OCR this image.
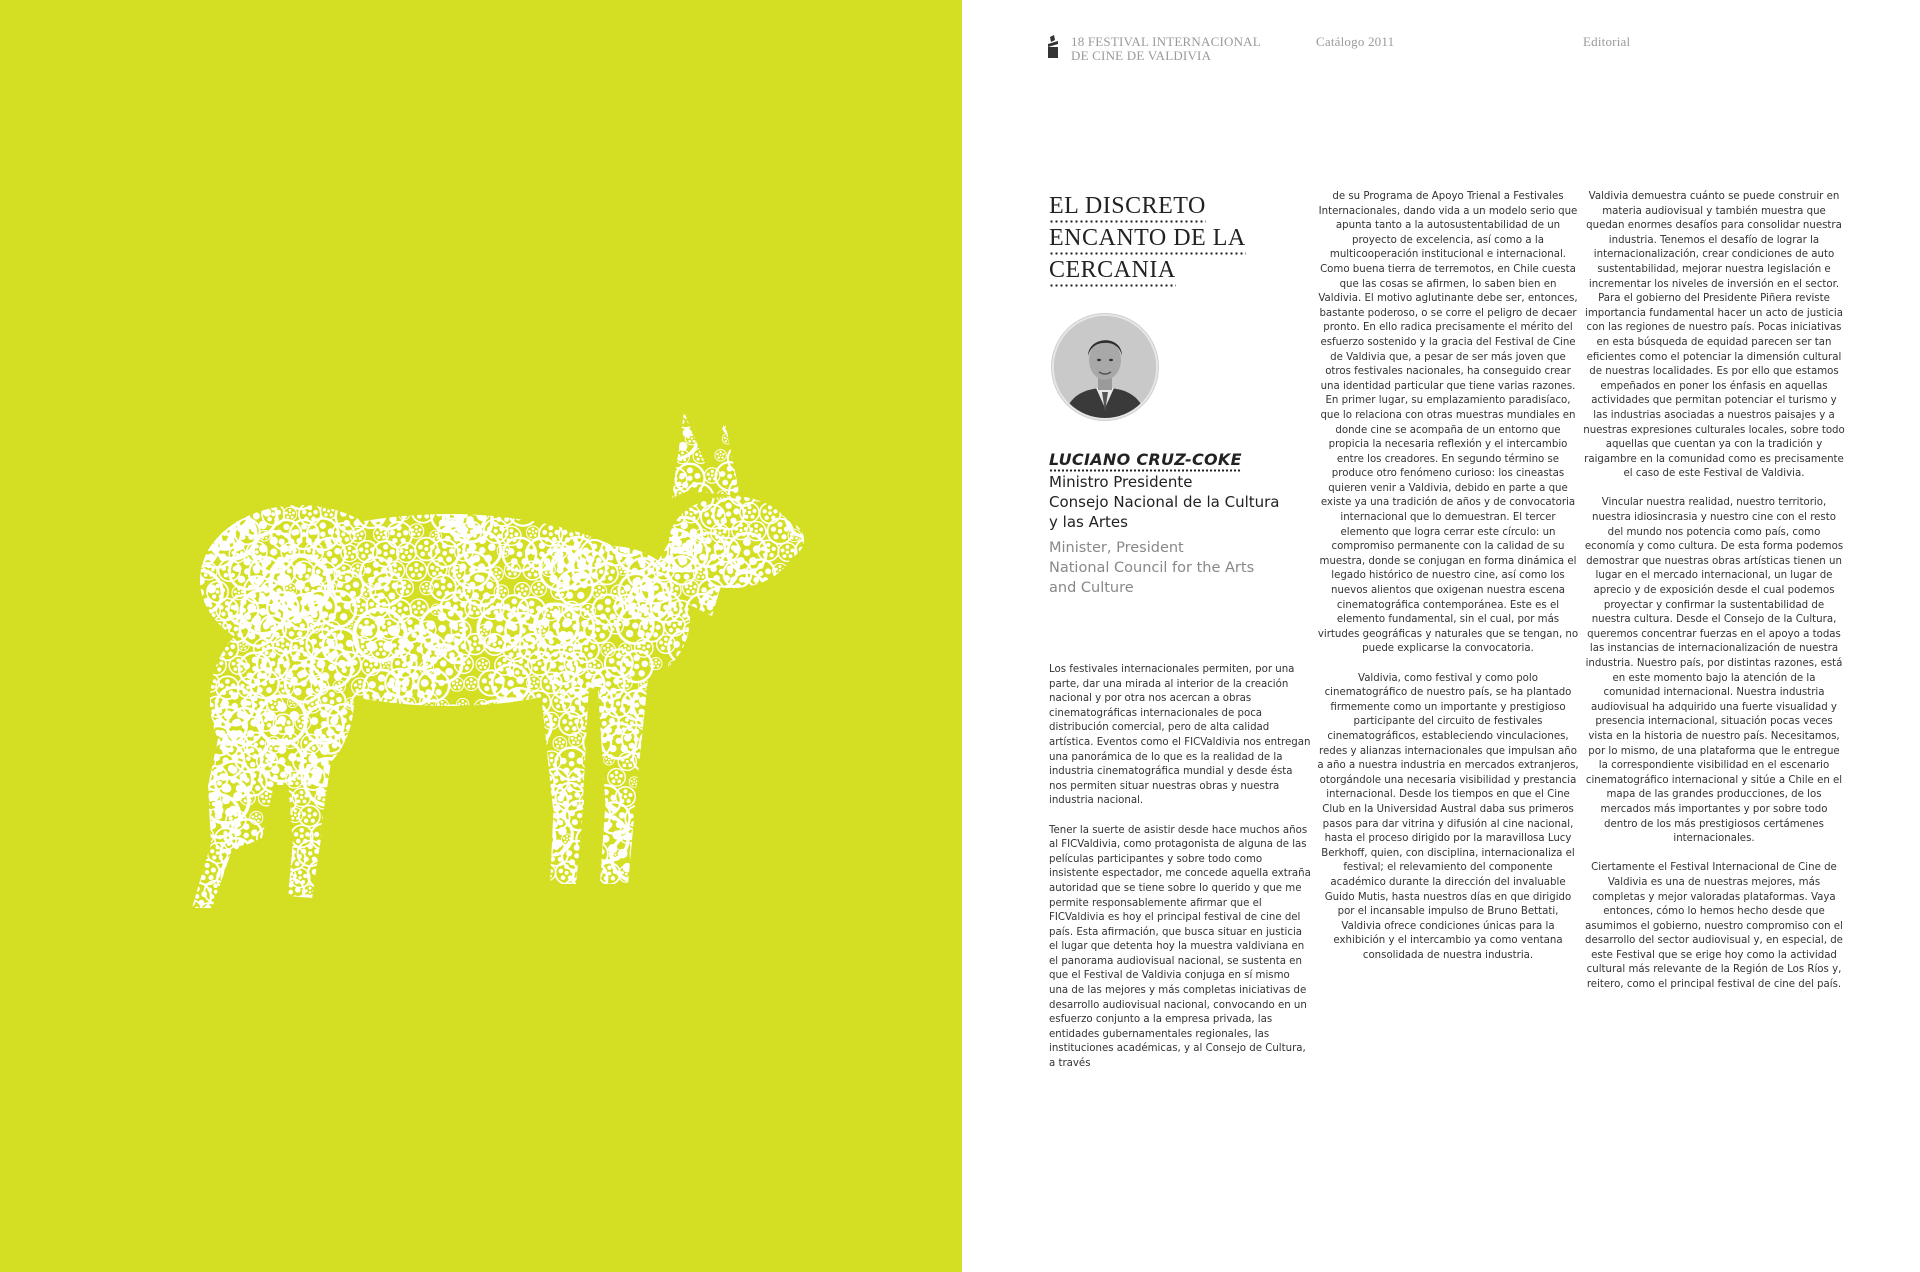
18 FESTIVAL INTERNACIONAL
DE CINE DE VALDIVIA
Catálogo 2011	Editorial
EL DISCRETO
ENCANTO DE LA
CERCANIA
LUCIANO CRUZ-COKE
Ministro Presidente
Consejo Nacional de la Cultura
y las Artes
Minister, President
National Council for the Arts
and Culture

Los festivales internacionales permiten, por una parte, dar una mirada al interior de la creación nacional y por otra nos acercan a obras cinematográficas internacionales de poca distribución comercial, pero de alta calidad artística. Eventos como el FICValdivia nos entregan una panorámica de lo que es la realidad de la industria cinematográfica mundial y desde ésta nos permiten situar nuestras obras y nuestra industria nacional.

Tener la suerte de asistir desde hace muchos años al FICValdivia, como protagonista de alguna de las películas participantes y sobre todo como insistente espectador, me concede aquella extraña autoridad que se tiene sobre lo querido y que me permite responsablemente afirmar que el FICValdivia es hoy el principal festival de cine del país. Esta afirmación, que busca situar en justicia el lugar que detenta hoy la muestra valdiviana en el panorama audiovisual nacional, se sustenta en que el Festival de Valdivia conjuga en sí mismo una de las mejores y más completas iniciativas de desarrollo audiovisual nacional, convocando en un esfuerzo conjunto a la empresa privada, las entidades gubernamentales regionales, las instituciones académicas, y al Consejo de Cultura, a través

de su Programa de Apoyo Trienal a Festivales Internacionales, dando vida a un modelo serio que apunta tanto a la autosustentabilidad de un proyecto de excelencia, así como a la multicooperación institucional e internacional. Como buena tierra de terremotos, en Chile cuesta que las cosas se afirmen, lo saben bien en Valdivia. El motivo aglutinante debe ser, entonces, bastante poderoso, o se corre el peligro de decaer pronto. En ello radica precisamente el mérito del esfuerzo sostenido y la gracia del Festival de Cine de Valdivia que, a pesar de ser más joven que otros festivales nacionales, ha conseguido crear una identidad particular que tiene varias razones. En primer lugar, su emplazamiento paradisíaco, que lo relaciona con otras muestras mundiales en donde cine se acompaña de un entorno que propicia la necesaria reflexión y el intercambio entre los creadores. En segundo término se produce otro fenómeno curioso: los cineastas quieren venir a Valdivia, debido en parte a que existe ya una tradición de años y de convocatoria internacional que lo demuestran. El tercer elemento que logra cerrar este círculo: un compromiso permanente con la calidad de su muestra, donde se conjugan en forma dinámica el legado histórico de nuestro cine, así como los nuevos alientos que oxigenan nuestra escena cinematográfica contemporánea. Este es el elemento fundamental, sin el cual, por más virtudes geográficas y naturales que se tengan, no puede explicarse la convocatoria.

Valdivia, como festival y como polo cinematográfico de nuestro país, se ha plantado firmemente como un importante y prestigioso participante del circuito de festivales cinematográficos, estableciendo vinculaciones, redes y alianzas internacionales que impulsan año a año a nuestra industria en mercados extranjeros, otorgándole una necesaria visibilidad y prestancia internacional. Desde los tiempos en que el Cine Club en la Universidad Austral daba sus primeros pasos para dar vitrina y difusión al cine nacional, hasta el proceso dirigido por la maravillosa Lucy Berkhoff, quien, con disciplina, internacionaliza el festival; el relevamiento del componente académico durante la dirección del invaluable Guido Mutis, hasta nuestros días en que dirigido por el incansable impulso de Bruno Bettati, Valdivia ofrece condiciones únicas para la exhibición y el intercambio ya como ventana consolidada de nuestra industria.

Valdivia demuestra cuánto se puede construir en materia audiovisual y también muestra que quedan enormes desafíos para consolidar nuestra industria. Tenemos el desafío de lograr la internacionalización, crear condiciones de auto sustentabilidad, mejorar nuestra legislación e incrementar los niveles de inversión en el sector. Para el gobierno del Presidente Piñera reviste importancia fundamental hacer un acto de justicia con las regiones de nuestro país. Pocas iniciativas en esta búsqueda de equidad parecen ser tan eficientes como el potenciar la dimensión cultural de nuestras localidades. Es por ello que estamos empeñados en poner los énfasis en aquellas actividades que permitan potenciar el turismo y las industrias asociadas a nuestros paisajes y a nuestras expresiones culturales locales, sobre todo aquellas que cuentan ya con la tradición y raigambre en la comunidad como es precisamente el caso de este Festival de Valdivia.

Vincular nuestra realidad, nuestro territorio, nuestra idiosincrasia y nuestro cine con el resto del mundo nos potencia como país, como economía y como cultura. De esta forma podemos demostrar que nuestras obras artísticas tienen un lugar en el mercado internacional, un lugar de aprecio y de exposición desde el cual podemos proyectar y confirmar la sustentabilidad de nuestra cultura. Desde el Consejo de la Cultura, queremos concentrar fuerzas en el apoyo a todas las instancias de internacionalización de nuestra industria. Nuestro país, por distintas razones, está en este momento bajo la atención de la comunidad internacional. Nuestra industria audiovisual ha adquirido una fuerte visualidad y presencia internacional, situación pocas veces vista en la historia de nuestro país. Necesitamos, por lo mismo, de una plataforma que le entregue la correspondiente visibilidad en el escenario cinematográfico internacional y sitúe a Chile en el mapa de las grandes producciones, de los mercados más importantes y por sobre todo dentro de los más prestigiosos certámenes internacionales.

Ciertamente el Festival Internacional de Cine de Valdivia es una de nuestras mejores, más completas y mejor valoradas plataformas. Vaya entonces, cómo lo hemos hecho desde que asumimos el gobierno, nuestro compromiso con el desarrollo del sector audiovisual y, en especial, de este Festival que se erige hoy como la actividad cultural más relevante de la Región de Los Ríos y, reitero, como el principal festival de cine del país.
